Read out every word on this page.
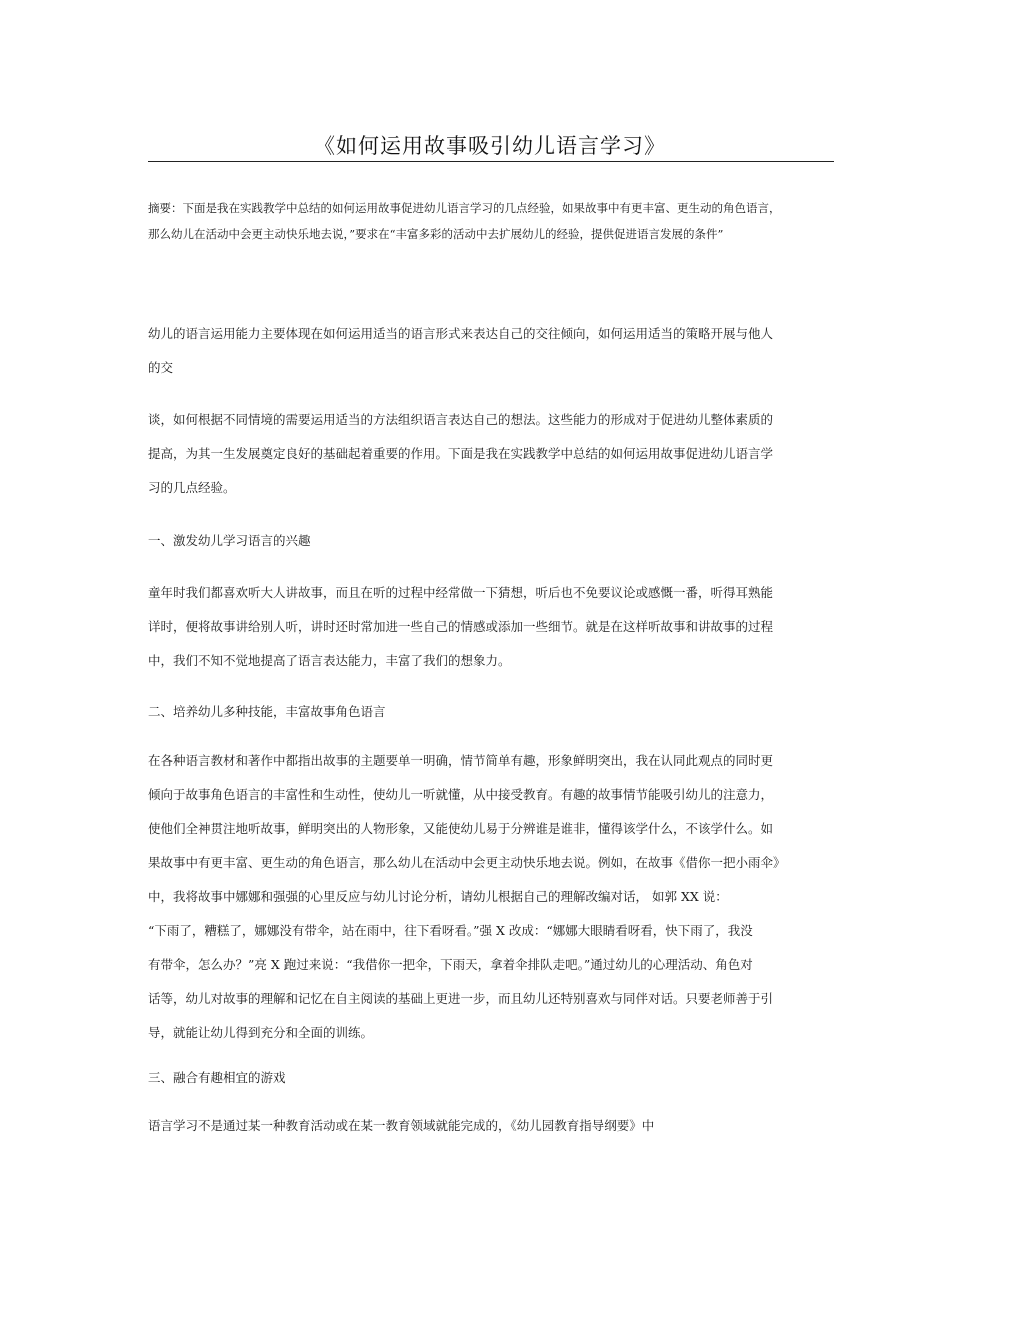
《如何运用故事吸引幼儿语言学习》
摘要：下面是我在实践教学中总结的如何运用故事促进幼儿语言学习的几点经验，如果故事中有更丰富、更生动的角色语言，
那么幼儿在活动中会更主动快乐地去说，”要求在“丰富多彩的活动中去扩展幼儿的经验，提供促进语言发展的条件”
幼儿的语言运用能力主要体现在如何运用适当的语言形式来表达自己的交往倾向，如何运用适当的策略开展与他人
的交
谈，如何根据不同情境的需要运用适当的方法组织语言表达自己的想法。这些能力的形成对于促进幼儿整体素质的
提高，为其一生发展奠定良好的基础起着重要的作用。下面是我在实践教学中总结的如何运用故事促进幼儿语言学
习的几点经验。
一、激发幼儿学习语言的兴趣
童年时我们都喜欢听大人讲故事，而且在听的过程中经常做一下猜想，听后也不免要议论或感慨一番，听得耳熟能
详时，便将故事讲给别人听，讲时还时常加进一些自己的情感或添加一些细节。就是在这样听故事和讲故事的过程
中，我们不知不觉地提高了语言表达能力，丰富了我们的想象力。
二、培养幼儿多种技能，丰富故事角色语言
在各种语言教材和著作中都指出故事的主题要单一明确，情节简单有趣，形象鲜明突出，我在认同此观点的同时更
倾向于故事角色语言的丰富性和生动性，使幼儿一听就懂，从中接受教育。有趣的故事情节能吸引幼儿的注意力，
使他们全神贯注地听故事，鲜明突出的人物形象，又能使幼儿易于分辨谁是谁非，懂得该学什么，不该学什么。如
果故事中有更丰富、更生动的角色语言，那么幼儿在活动中会更主动快乐地去说。例如，在故事《借你一把小雨伞》
中，我将故事中娜娜和强强的心里反应与幼儿讨论分析，请幼儿根据自己的理解改编对话， 如郭 XX 说：
“下雨了，糟糕了，娜娜没有带伞，站在雨中，往下看呀看。”强 X 改成：“娜娜大眼睛看呀看，快下雨了，我没
有带伞，怎么办？”亮 X 跑过来说：“我借你一把伞，下雨天，拿着伞排队走吧。”通过幼儿的心理活动、角色对
话等，幼儿对故事的理解和记忆在自主阅读的基础上更进一步，而且幼儿还特别喜欢与同伴对话。只要老师善于引
导，就能让幼儿得到充分和全面的训练。
三、融合有趣相宜的游戏
语言学习不是通过某一种教育活动或在某一教育领域就能完成的，《幼儿园教育指导纲要》中
